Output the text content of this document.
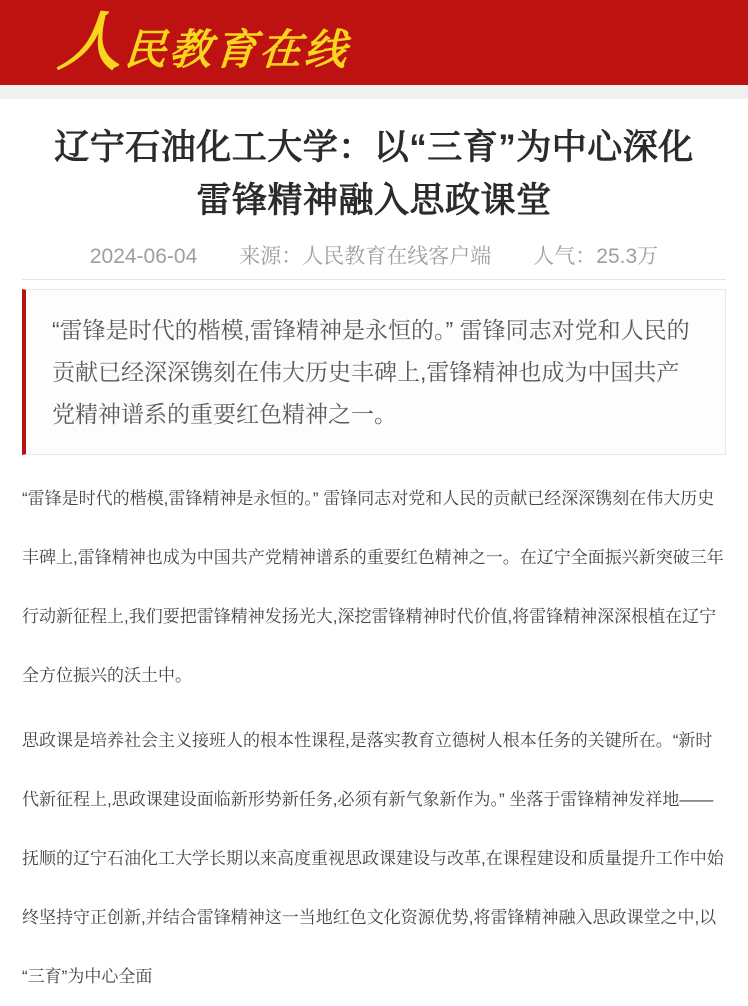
人民教育在线
辽宁石油化工大学：以“三育”为中心深化雷锋精神融入思政课堂
2024-06-04 来源：人民教育在线客户端 人气：25.3万
“雷锋是时代的楷模,雷锋精神是永恒的。” 雷锋同志对党和人民的贡献已经深深镌刻在伟大历史丰碑上,雷锋精神也成为中国共产党精神谱系的重要红色精神之一。

“雷锋是时代的楷模,雷锋精神是永恒的。” 雷锋同志对党和人民的贡献已经深深镌刻在伟大历史丰碑上,雷锋精神也成为中国共产党精神谱系的重要红色精神之一。在辽宁全面振兴新突破三年行动新征程上,我们要把雷锋精神发扬光大,深挖雷锋精神时代价值,将雷锋精神深深根植在辽宁全方位振兴的沃土中。

思政课是培养社会主义接班人的根本性课程,是落实教育立德树人根本任务的关键所在。“新时代新征程上,思政课建设面临新形势新任务,必须有新气象新作为。” 坐落于雷锋精神发祥地——抚顺的辽宁石油化工大学长期以来高度重视思政课建设与改革,在课程建设和质量提升工作中始终坚持守正创新,并结合雷锋精神这一当地红色文化资源优势,将雷锋精神融入思政课堂之中,以“三育”为中心全面
